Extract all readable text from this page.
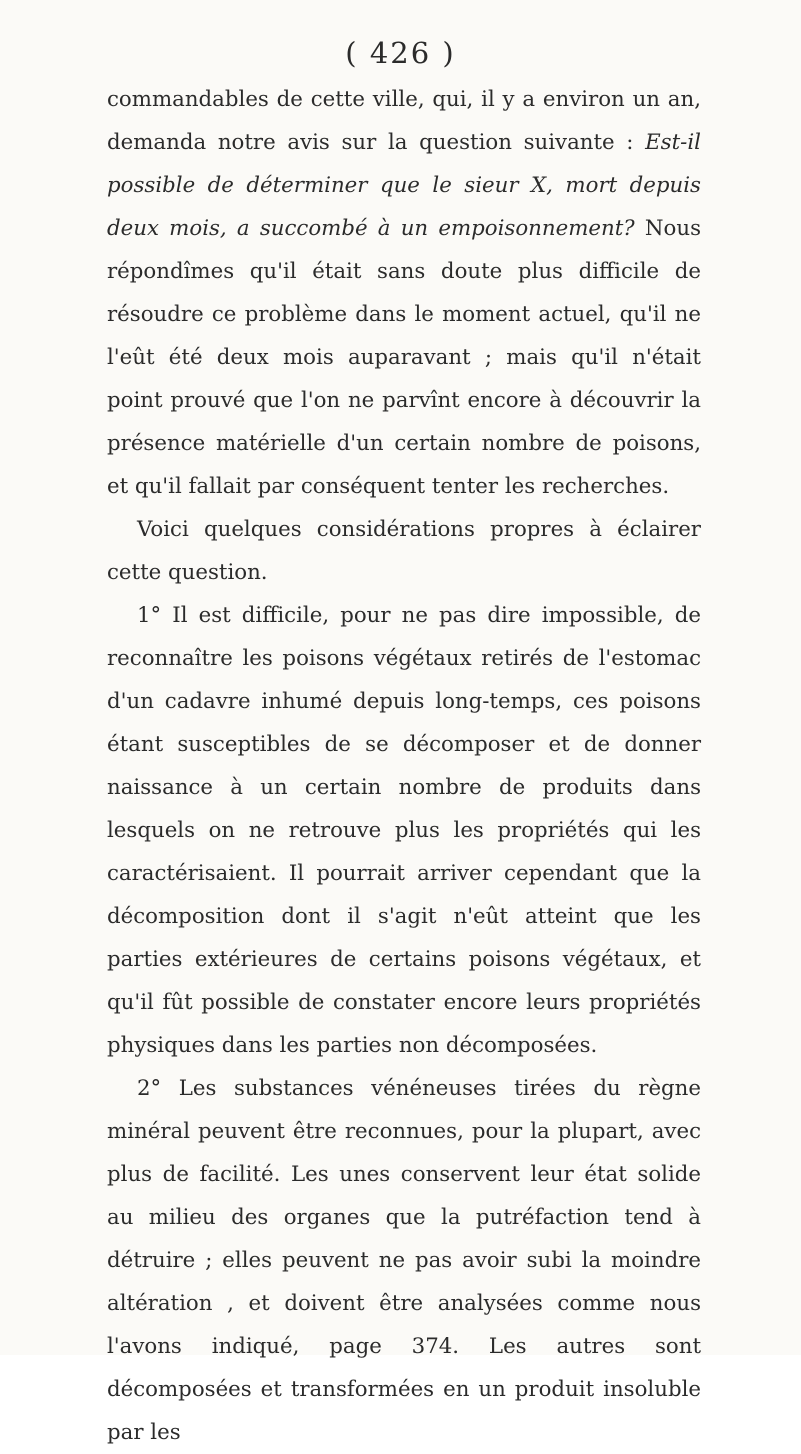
( 426 )

commandables de cette ville, qui, il y a environ un an, demanda notre avis sur la question suivante : Est-il possible de déterminer que le sieur X, mort depuis deux mois, a succombé à un empoisonnement? Nous répondîmes qu'il était sans doute plus difficile de résoudre ce problème dans le moment actuel, qu'il ne l'eût été deux mois auparavant ; mais qu'il n'était point prouvé que l'on ne parvînt encore à découvrir la présence matérielle d'un certain nombre de poisons, et qu'il fallait par conséquent tenter les recherches.

Voici quelques considérations propres à éclairer cette question.

1° Il est difficile, pour ne pas dire impossible, de reconnaître les poisons végétaux retirés de l'estomac d'un cadavre inhumé depuis long-temps, ces poisons étant susceptibles de se décomposer et de donner naissance à un certain nombre de produits dans lesquels on ne retrouve plus les propriétés qui les caractérisaient. Il pourrait arriver cependant que la décomposition dont il s'agit n'eût atteint que les parties extérieures de certains poisons végétaux, et qu'il fût possible de constater encore leurs propriétés physiques dans les parties non décomposées.

2° Les substances vénéneuses tirées du règne minéral peuvent être reconnues, pour la plupart, avec plus de facilité. Les unes conservent leur état solide au milieu des organes que la putréfaction tend à détruire ; elles peuvent ne pas avoir subi la moindre altération , et doivent être analysées comme nous l'avons indiqué, page 374. Les autres sont décomposées et transformées en un produit insoluble par les
